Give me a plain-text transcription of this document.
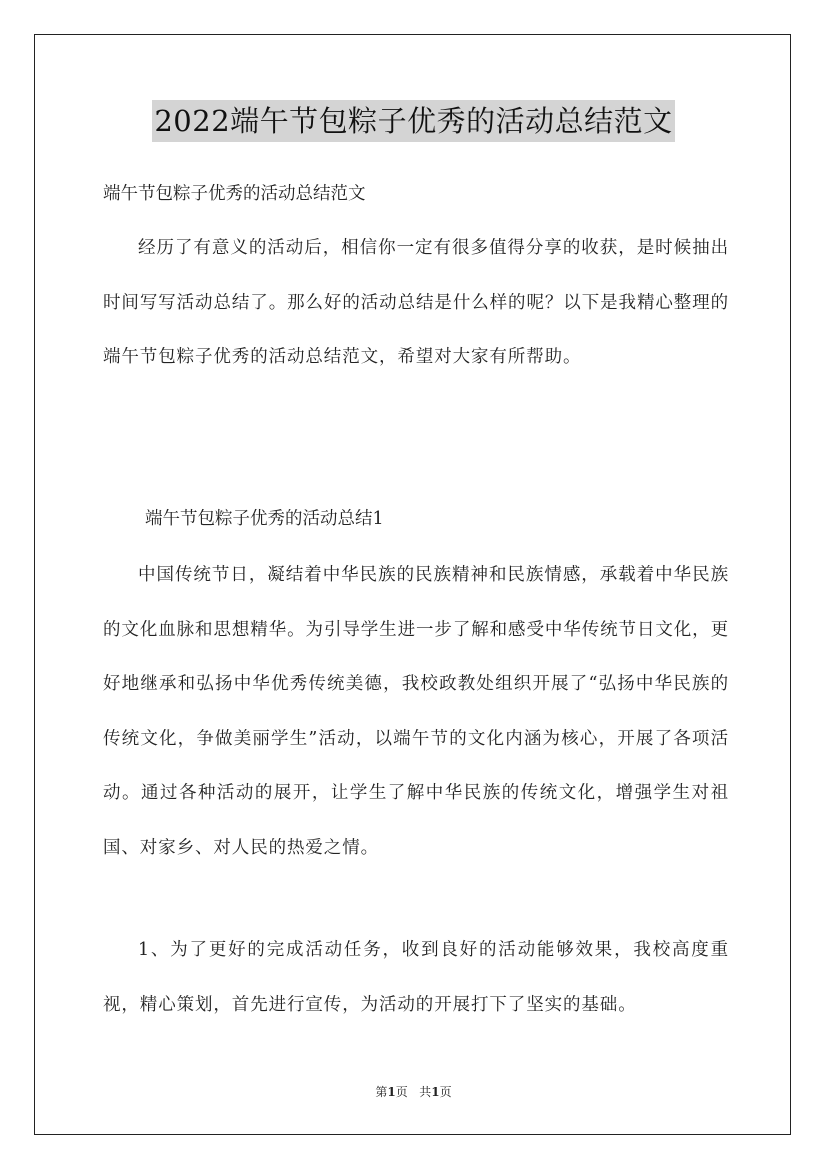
2022端午节包粽子优秀的活动总结范文
端午节包粽子优秀的活动总结范文

经历了有意义的活动后，相信你一定有很多值得分享的收获，是时候抽出时间写写活动总结了。那么好的活动总结是什么样的呢？以下是我精心整理的端午节包粽子优秀的活动总结范文，希望对大家有所帮助。

端午节包粽子优秀的活动总结1

中国传统节日，凝结着中华民族的民族精神和民族情感，承载着中华民族的文化血脉和思想精华。为引导学生进一步了解和感受中华传统节日文化，更好地继承和弘扬中华优秀传统美德，我校政教处组织开展了“弘扬中华民族的传统文化，争做美丽学生”活动，以端午节的文化内涵为核心，开展了各项活动。通过各种活动的展开，让学生了解中华民族的传统文化，增强学生对祖国、对家乡、对人民的热爱之情。

1、为了更好的完成活动任务，收到良好的活动能够效果，我校高度重视，精心策划，首先进行宣传，为活动的开展打下了坚实的基础。

第1页 共1页
